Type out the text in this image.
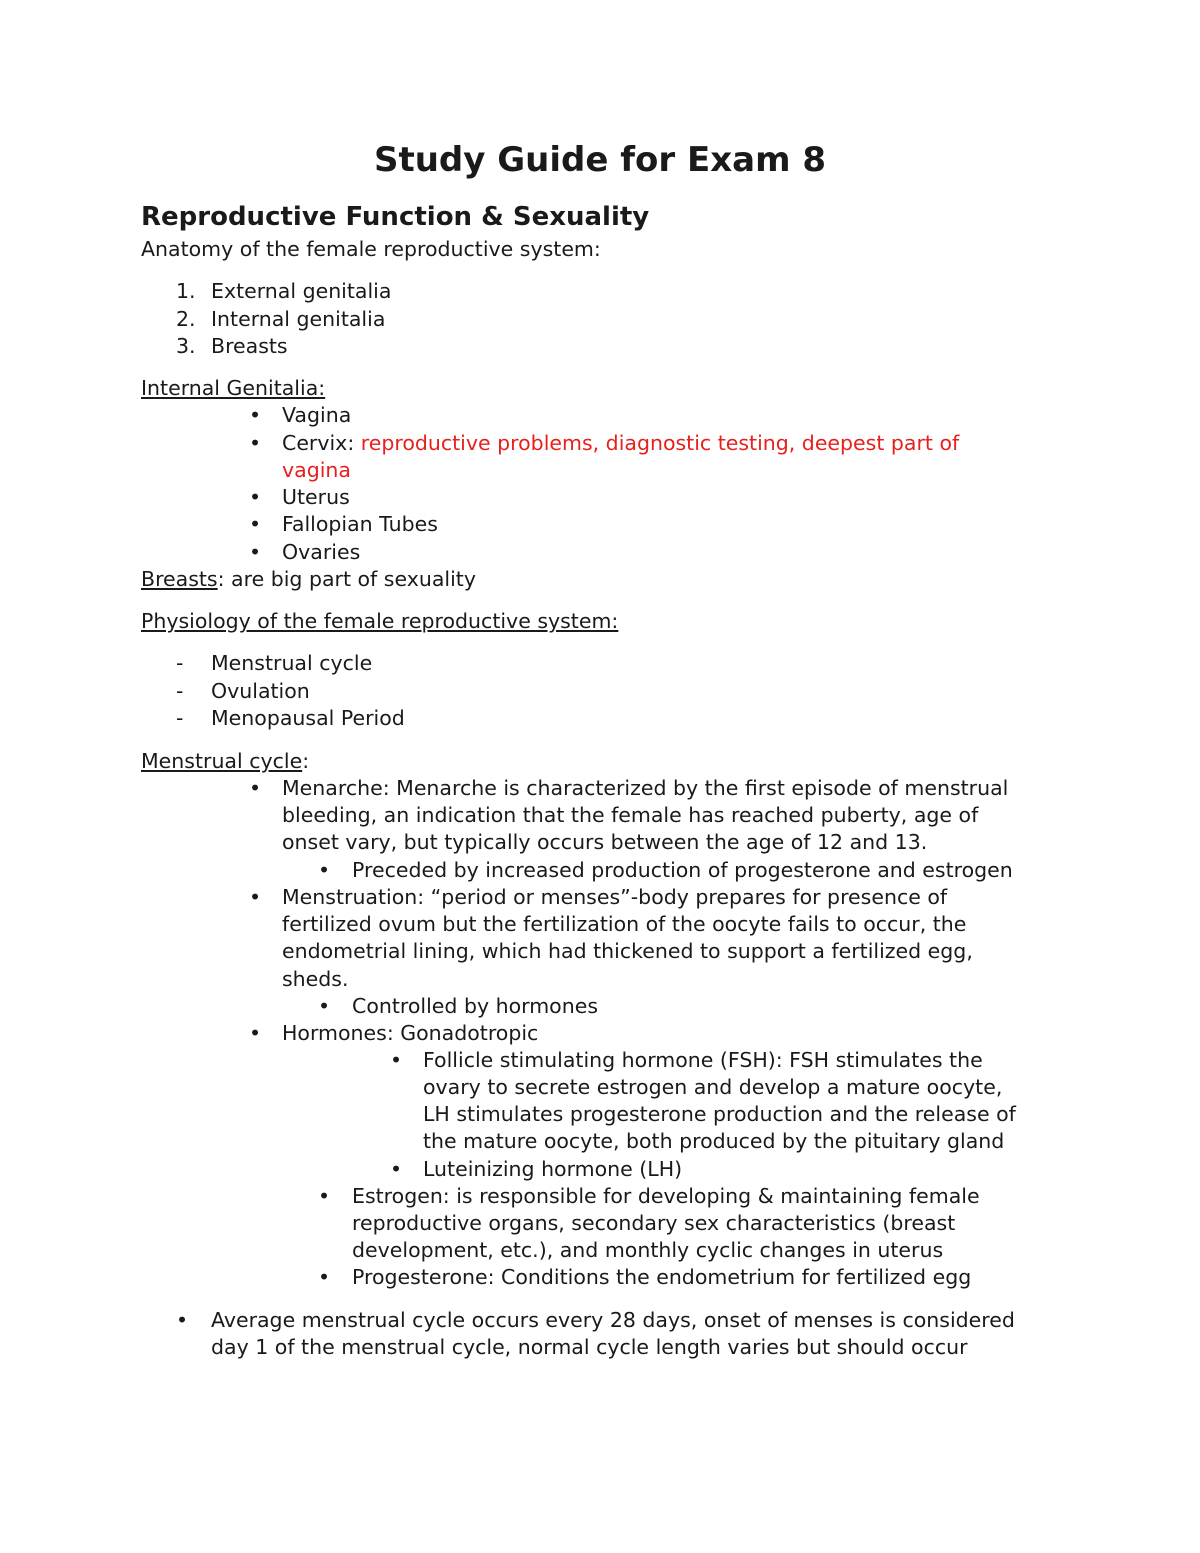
Study Guide for Exam 8
Reproductive Function & Sexuality
Anatomy of the female reproductive system:
1. External genitalia
2. Internal genitalia
3. Breasts
Internal Genitalia:
• Vagina
• Cervix: reproductive problems, diagnostic testing, deepest part of
vagina
• Uterus
• Fallopian Tubes
• Ovaries
Breasts: are big part of sexuality
Physiology of the female reproductive system:
- Menstrual cycle
- Ovulation
- Menopausal Period
Menstrual cycle:
• Menarche: Menarche is characterized by the first episode of menstrual
bleeding, an indication that the female has reached puberty, age of
onset vary, but typically occurs between the age of 12 and 13.
• Preceded by increased production of progesterone and estrogen
• Menstruation: “period or menses”-body prepares for presence of
fertilized ovum but the fertilization of the oocyte fails to occur, the
endometrial lining, which had thickened to support a fertilized egg,
sheds.
• Controlled by hormones
• Hormones: Gonadotropic
• Follicle stimulating hormone (FSH): FSH stimulates the
ovary to secrete estrogen and develop a mature oocyte,
LH stimulates progesterone production and the release of
the mature oocyte, both produced by the pituitary gland
• Luteinizing hormone (LH)
• Estrogen: is responsible for developing & maintaining female
reproductive organs, secondary sex characteristics (breast
development, etc.), and monthly cyclic changes in uterus
• Progesterone: Conditions the endometrium for fertilized egg
• Average menstrual cycle occurs every 28 days, onset of menses is considered
day 1 of the menstrual cycle, normal cycle length varies but should occur
